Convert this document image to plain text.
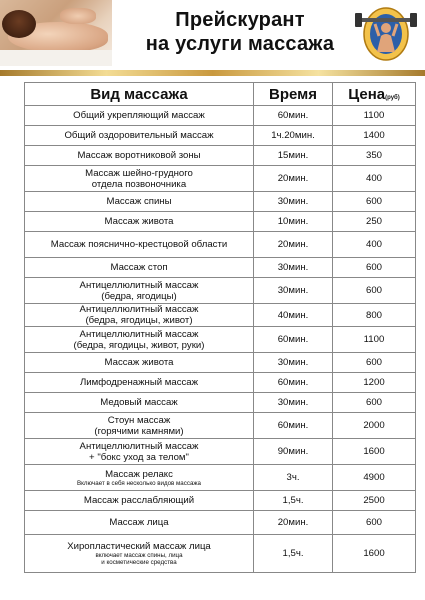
Прейскурант
на услуги массажа
Вид массажа	Время	Цена(руб)

Общий укрепляющий массаж	60мин.	1100

Общий оздоровительный массаж	1ч.20мин.	1400

Массаж воротниковой зоны	15мин.	350

Массаж шейно-грудного
отдела позвоночника	20мин.	400

Массаж спины	30мин.	600

Массаж живота	10мин.	250

Массаж пояснично-крестцовой области	20мин.	400

Массаж стоп	30мин.	600

Антицеллюлитный массаж
(бедра, ягодицы)	30мин.	600

Антицеллюлитный массаж
(бедра, ягодицы, живот)	40мин.	800

Антицеллюлитный массаж
(бедра, ягодицы, живот, руки)	60мин.	1100

Массаж живота	30мин.	600

Лимфодренажный массаж	60мин.	1200

Медовый массаж	30мин.	600

Стоун массаж
(горячими камнями)	60мин.	2000

Антицеллюлитный массаж
+ "бокс уход за телом"	90мин.	1600

Массаж релакс
Включает в себя несколько видов массажа	3ч.	4900

Массаж расслабляющий	1,5ч.	2500

Массаж лица	20мин.	600

Хиропластический массаж лица
включает массаж спины, лица
и косметические средства	1,5ч.	1600
